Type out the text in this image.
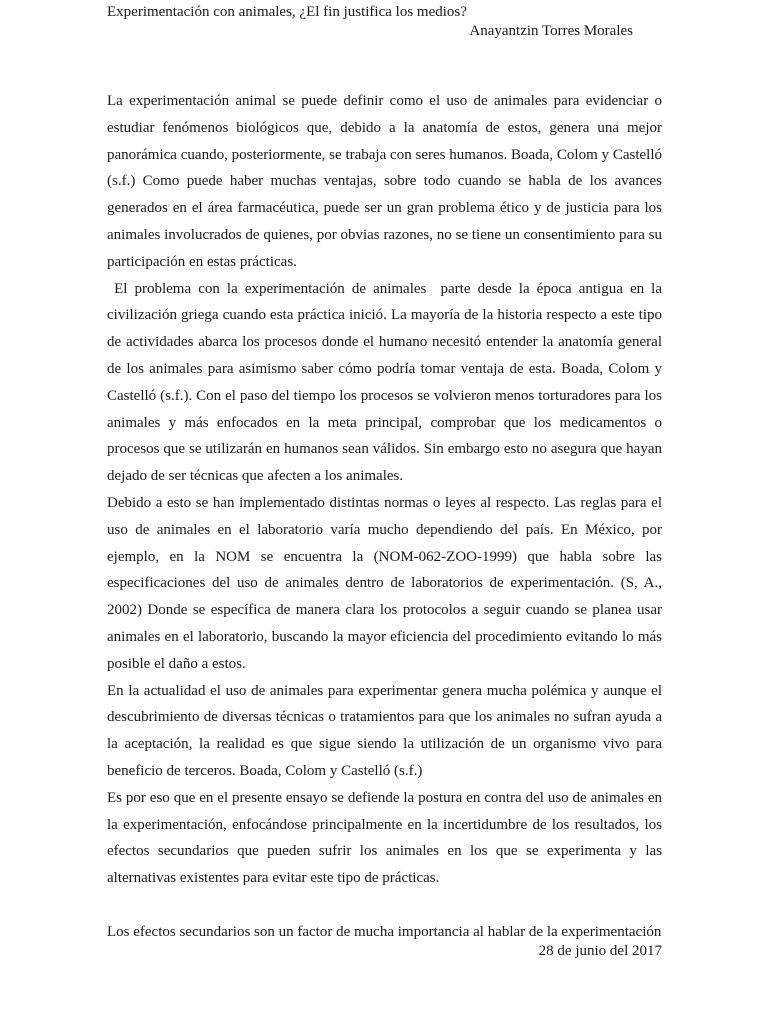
Experimentación con animales, ¿El fin justifica los medios?
Anayantzin Torres Morales

La experimentación animal se puede definir como el uso de animales para evidenciar o estudiar fenómenos biológicos que, debido a la anatomía de estos, genera una mejor panorámica cuando, posteriormente, se trabaja con seres humanos. Boada, Colom y Castelló (s.f.) Como puede haber muchas ventajas, sobre todo cuando se habla de los avances generados en el área farmacéutica, puede ser un gran problema ético y de justicia para los animales involucrados de quienes, por obvias razones, no se tiene un consentimiento para su participación en estas prácticas.

El problema con la experimentación de animales  parte desde la época antigua en la civilización griega cuando esta práctica inició. La mayoría de la historia respecto a este tipo de actividades abarca los procesos donde el humano necesitó entender la anatomía general de los animales para asimismo saber cómo podría tomar ventaja de esta. Boada, Colom y Castelló (s.f.). Con el paso del tiempo los procesos se volvieron menos torturadores para los animales y más enfocados en la meta principal, comprobar que los medicamentos o procesos que se utilizarán en humanos sean válidos. Sin embargo esto no asegura que hayan dejado de ser técnicas que afecten a los animales.

Debido a esto se han implementado distintas normas o leyes al respecto. Las reglas para el uso de animales en el laboratorio varía mucho dependiendo del país. En México, por ejemplo, en la NOM se encuentra la (NOM-062-ZOO-1999) que habla sobre las especificaciones del uso de animales dentro de laboratorios de experimentación. (S, A., 2002) Donde se específica de manera clara los protocolos a seguir cuando se planea usar animales en el laboratorio, buscando la mayor eficiencia del procedimiento evitando lo más posible el daño a estos.

En la actualidad el uso de animales para experimentar genera mucha polémica y aunque el descubrimiento de diversas técnicas o tratamientos para que los animales no sufran ayuda a la aceptación, la realidad es que sigue siendo la utilización de un organismo vivo para beneficio de terceros. Boada, Colom y Castelló (s.f.)

Es por eso que en el presente ensayo se defiende la postura en contra del uso de animales en la experimentación, enfocándose principalmente en la incertidumbre de los resultados, los efectos secundarios que pueden sufrir los animales en los que se experimenta y las alternativas existentes para evitar este tipo de prácticas.

Los efectos secundarios son un factor de mucha importancia al hablar de la experimentación

28 de junio del 2017
